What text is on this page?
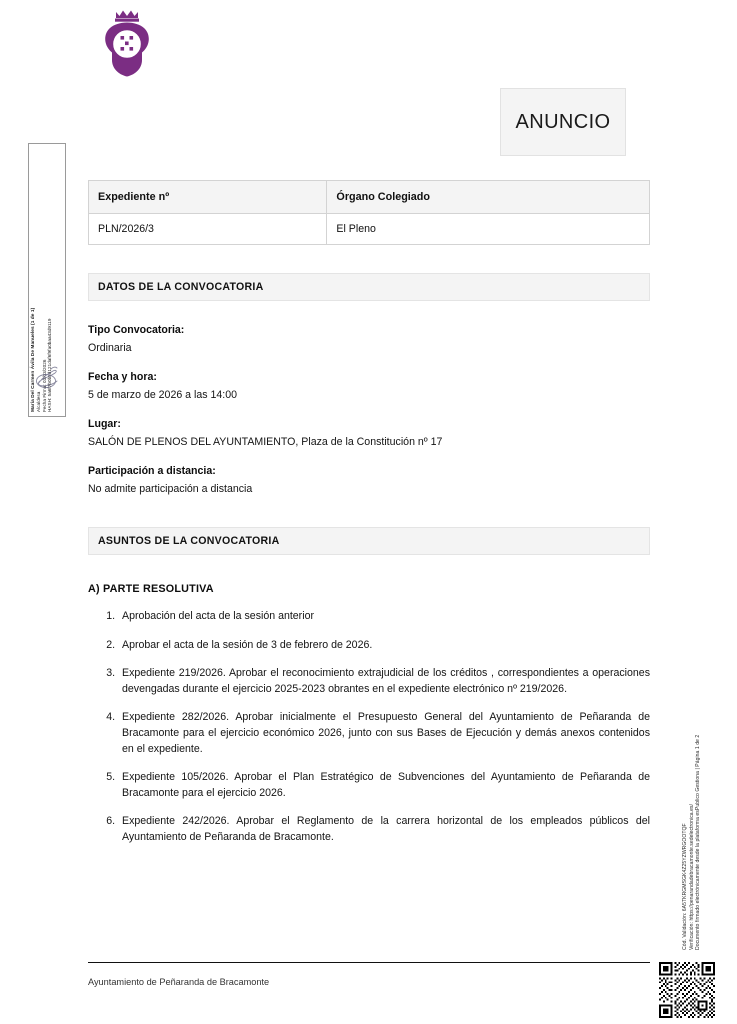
María Del Carmen Ávila De Manueles (1 de 1) Alcaldesa Fecha Firma: 03/03/2026 HASH: 5a6f7b0b5d121daf6f9fa0baa43d9119
ANUNCIO
Expediente nº	Órgano Colegiado
PLN/2026/3	El Pleno
DATOS DE LA CONVOCATORIA
Tipo Convocatoria:
Ordinaria
Fecha y hora:
5 de marzo de 2026 a las 14:00
Lugar:
SALÓN DE PLENOS DEL AYUNTAMIENTO, Plaza de la Constitución nº 17
Participación a distancia:
No admite participación a distancia
ASUNTOS DE LA CONVOCATORIA
A) PARTE RESOLUTIVA
1. Aprobación del acta de la sesión anterior
2. Aprobar el acta de la sesión de 3 de febrero de 2026.
3. Expediente 219/2026. Aprobar el reconocimiento extrajudicial de los créditos , correspondientes a operaciones devengadas durante el ejercicio 2025-2023 obrantes en el expediente electrónico nº 219/2026.
4. Expediente 282/2026. Aprobar inicialmente el Presupuesto General del Ayuntamiento de Peñaranda de Bracamonte para el ejercicio económico 2026, junto con sus Bases de Ejecución y demás anexos contenidos en el expediente.
5. Expediente 105/2026. Aprobar el Plan Estratégico de Subvenciones del Ayuntamiento de Peñaranda de Bracamonte para el ejercicio 2026.
6. Expediente 242/2026. Aprobar el Reglamento de la carrera horizontal de los empleados públicos del Ayuntamiento de Peñaranda de Bracamonte.	Cód. Validación: 6A5TKRGMSGK4Z25YZWRGOOTQF Verificación: https://penarandadebracamonte.sedelectronica.es/ Documento firmado electrónicamente desde la plataforma esPublico Gestiona | Página 1 de 2
Ayuntamiento de Peñaranda de Bracamonte
